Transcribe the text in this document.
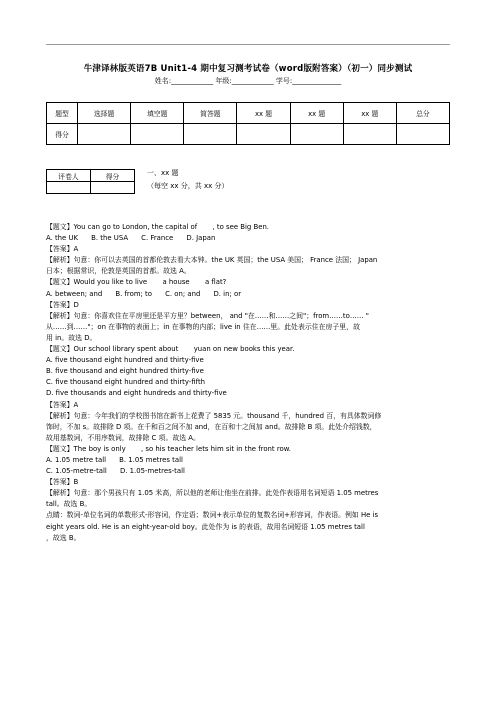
牛津译林版英语7B Unit1-4 期中复习测考试卷（word版附答案）（初一）同步测试
姓名:____________ 年级:____________ 学号:______________
题型	选择题	填空题	简答题	xx 题	xx 题	xx 题	总分
得分							
评卷人	得分
		一、xx 题
（每空 xx 分，共 xx 分）
【题文】You can go to London, the capital of       , to see Big Ben.
A. the UK      B. the USA      C. France      D. Japan
【答案】A
【解析】句意：你可以去英国的首都伦敦去看大本钟。the UK 英国；the USA 美国； France 法国； Japan
日本；根据常识，伦敦是英国的首都。故选 A。
【题文】Would you like to live       a house       a flat?
A. between; and      B. from; to      C. on; and      D. in; or
【答案】D
【解析】句意：你喜欢住在平房里还是平方里？between， and "在……和……之间"；from……to…… "
从……到……"；on 在事物的表面上；in 在事物的内部；live in 住在……里。此处表示住在房子里，故
用 in。故选 D。
【题文】Our school library spent about       yuan on new books this year.
A. five thousand eight hundred and thirty-five
B. five thousand and eight hundred thirty-five
C. five thousand eight hundred and thirty-fifth
D. five thousands and eight hundreds and thirty-five
【答案】A
【解析】句意：今年我们的学校图书馆在新书上花费了 5835 元。thousand 千，hundred 百，有具体数词修
饰时，不加 s。故排除 D 项。在千和百之间不加 and，在百和十之间加 and。故排除 B 项。此处介绍钱数，
故用基数词，不用序数词，故排除 C 项。故选 A。
【题文】The boy is only       , so his teacher lets him sit in the front row.
A. 1.05 metre tall      B. 1.05 metres tall
C. 1.05-metre-tall      D. 1.05-metres-tall
【答案】B
【解析】句意：那个男孩只有 1.05 米高，所以他的老师让他坐在前排。此处作表语用名词短语 1.05 metres
tall。故选 B。
点睛：数词-单位名词的单数形式-形容词，作定语；数词+表示单位的复数名词+形容词，作表语。例如 He is
eight years old. He is an eight-year-old boy。此处作为 is 的表语，故用名词短语 1.05 metres tall
，故选 B。
